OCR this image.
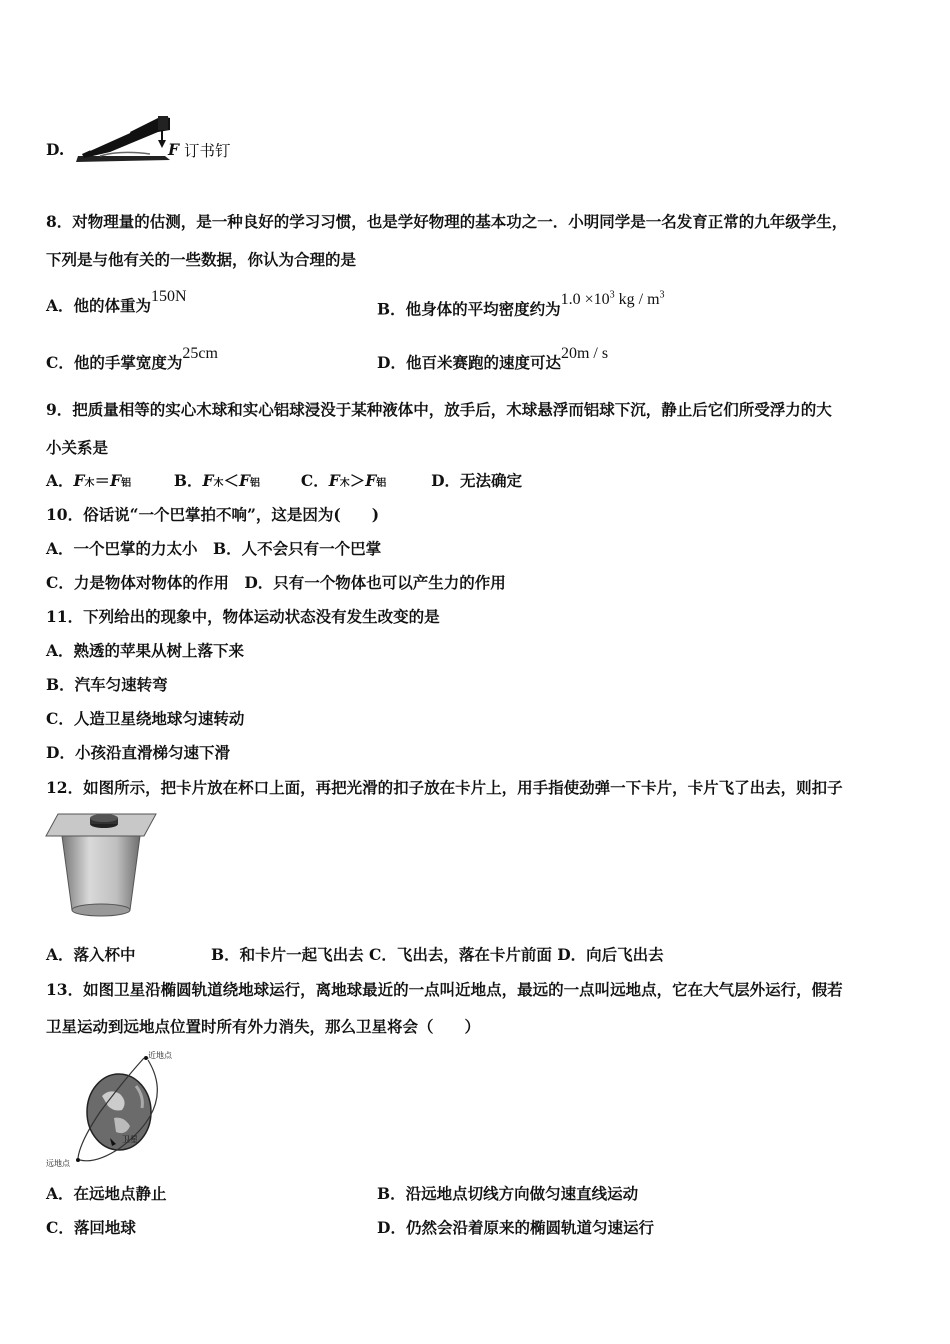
D.	F 订书钉
8．对物理量的估测，是一种良好的学习习惯，也是学好物理的基本功之一．小明同学是一名发育正常的九年级学生，
下列是与他有关的一些数据，你认为合理的是
A．他的体重为150N
B．他身体的平均密度约为$1.0 \times 10^3$ kg / $m^3$
C．他的手掌宽度为25cm	D．他百米赛跑的速度可达20m / s
9．把质量相等的实心木球和实心铝球浸没于某种液体中，放手后，木球悬浮而铝球下沉，静止后它们所受浮力的大
小关系是
A．F木＝F铝	B．F木＜F铝	C．F木＞F铝	D．无法确定
10．俗话说“一个巴掌拍不响”，这是因为(　　)
A．一个巴掌的力太小　B．人不会只有一个巴掌
C．力是物体对物体的作用　D．只有一个物体也可以产生力的作用
11．下列给出的现象中，物体运动状态没有发生改变的是
A．熟透的苹果从树上落下来
B．汽车匀速转弯
C．人造卫星绕地球匀速转动
D．小孩沿直滑梯匀速下滑
12．如图所示，把卡片放在杯口上面，再把光滑的扣子放在卡片上，用手指使劲弹一下卡片，卡片飞了出去，则扣子
A．落入杯中	B．和卡片一起飞出去 C．飞出去，落在卡片前面 D．向后飞出去
13．如图卫星沿椭圆轨道绕地球运行，离地球最近的一点叫近地点，最远的一点叫远地点，它在大气层外运行，假若
卫星运动到远地点位置时所有外力消失，那么卫星将会（　　）
近地点
远地点
卫星
A．在远地点静止	B．沿远地点切线方向做匀速直线运动
C．落回地球	D．仍然会沿着原来的椭圆轨道匀速运行
